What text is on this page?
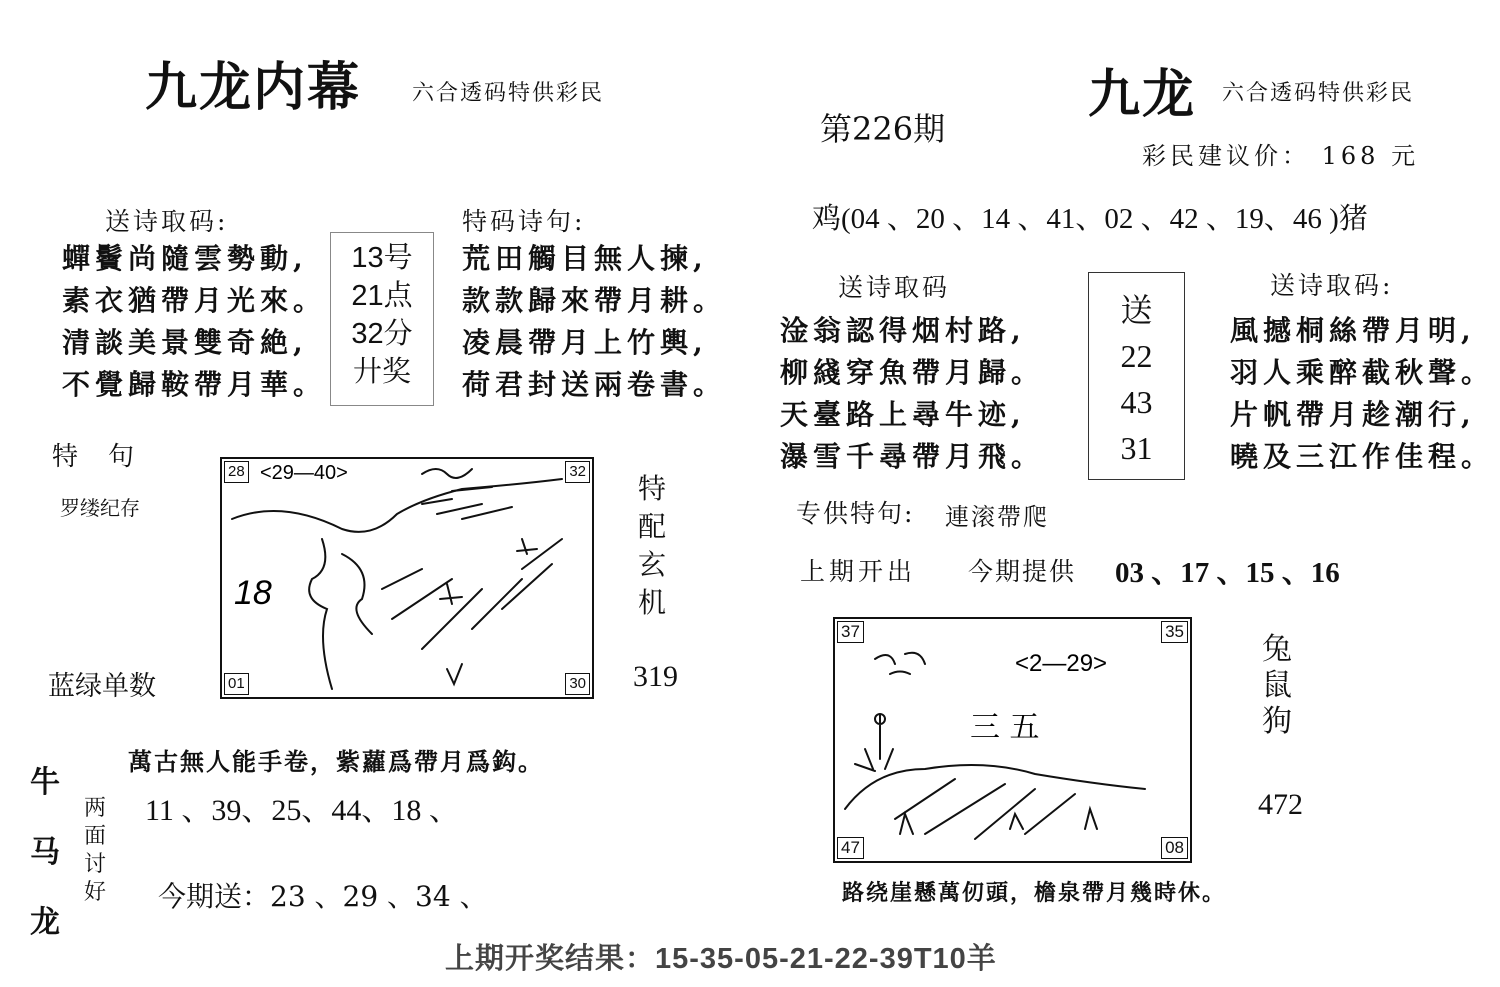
九龙内幕 六合透码特供彩民
送诗取码:
蟬鬢尚隨雲勢動,
素衣猶帶月光來。
清談美景雙奇絶,
不覺歸鞍帶月華。
13号
21点
32分
廾奖
特码诗句:
荒田觸目無人揀,
款款歸來帶月耕。
凌晨帶月上竹輿,
荷君封送兩卷書。
特　句
罗缕纪存
<29—40>
18
28	32
01	30
特
配
玄
机
319
蓝绿单数
萬古無人能手卷，紫蘿爲帶月爲鈎。
牛
马
龙
两
面
讨
好
11 、39、25、44、18 、
今期送：23 、29 、34 、
第226期
九龙 六合透码特供彩民
彩民建议价： 168 元
鸡(04 、20 、14 、41、02 、42 、19、46 )猪
送诗取码
淦翁認得烟村路,
柳綫穿魚帶月歸。
天臺路上尋牛迹,
瀑雪千尋帶月飛。
送
22
43
31
送诗取码:
風撼桐絲帶月明,
羽人乘醉截秋聲。
片帆帶月趁潮行,
曉及三江作佳程。
专供特句: 連滚帶爬
上期开出 今期提供 03 、17 、15 、16
<2—29>
三 五
37	35
47	08
兔
鼠
狗
472
路绕崖懸萬仞頭，檐泉帶月幾時休。
上期开奖结果：15-35-05-21-22-39T10羊
